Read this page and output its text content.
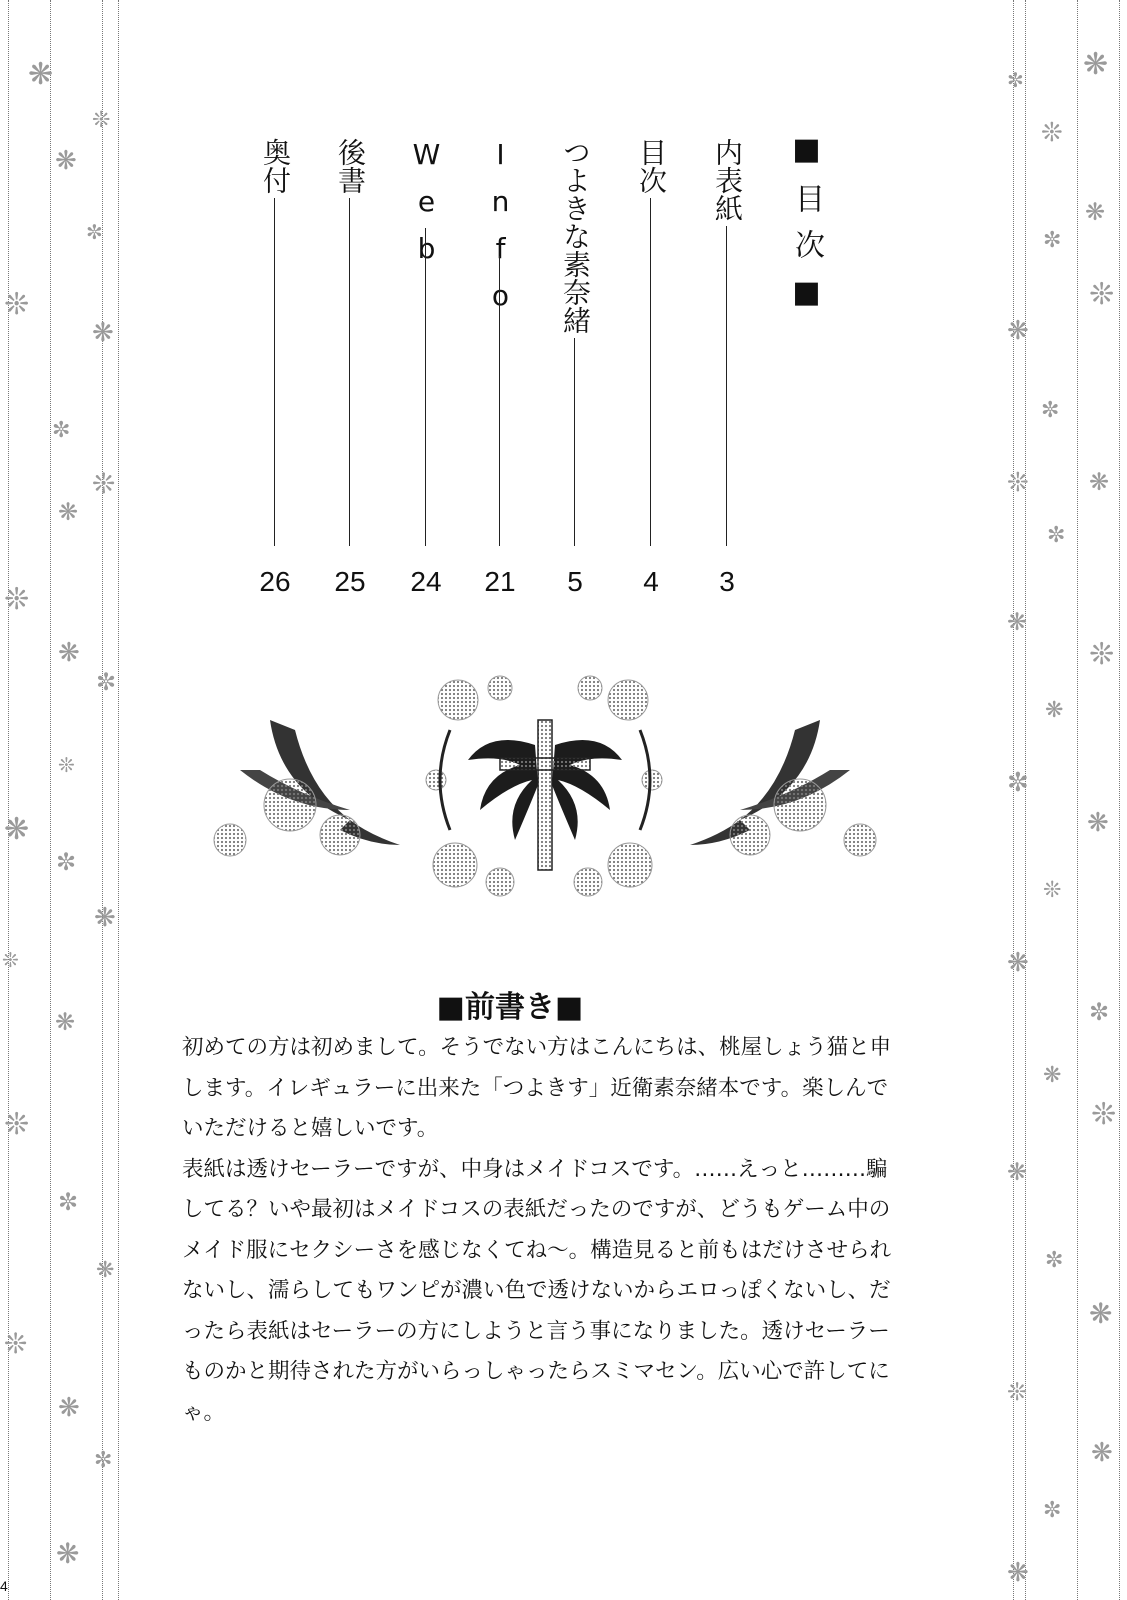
❋
❊
❋
✼
❊
❋
✼
❊
❋
❊
❋
✼
❊
❋
✼
❊
❋
❋
❊
✼
❋
❊
❋
✼
❋
❋
✼
❊
❋
✼
❊
❋
✼
❊	❋
✼
❋
❊
❋
✼
❋
❊
❋
✼
❋
❊
❋
✼
❋
❊
❋
✼
❋
■目次■
内表紙
3
目次
4
つよきな素奈緒
5
Info
21
Web
24
後書
25
奥付
26
■前書き■

初めての方は初めまして。そうでない方はこんにちは、桃屋しょう猫と申します。イレギュラーに出来た「つよきす」近衛素奈緒本です。楽しんでいただけると嬉しいです。

表紙は透けセーラーですが、中身はメイドコスです。……えっと………騙してる？いや最初はメイドコスの表紙だったのですが、どうもゲーム中のメイド服にセクシーさを感じなくてね～。構造見ると前もはだけさせられないし、濡らしてもワンピが濃い色で透けないからエロっぽくないし、だったら表紙はセーラーの方にしようと言う事になりました。透けセーラーものかと期待された方がいらっしゃったらスミマセン。広い心で許してにゃ。

4
